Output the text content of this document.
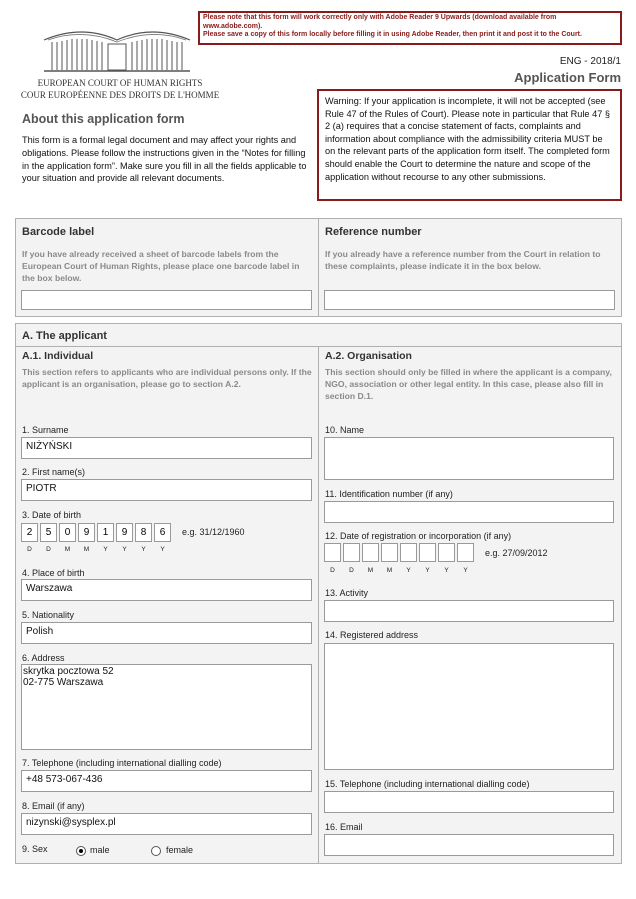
EUROPEAN COURT OF HUMAN RIGHTS
COUR EUROPÉENNE DES DROITS DE L'HOMME
Please note that this form will work correctly only with Adobe Reader 9 Upwards (download available from www.adobe.com).
Please save a copy of this form locally before filling it in using Adobe Reader, then print it and post it to the Court.
ENG - 2018/1
Application Form
About this application form
This form is a formal legal document and may affect your rights and obligations. Please follow the instructions given in the “Notes for filling in the application form”. Make sure you fill in all the fields applicable to your situation and provide all relevant documents.
Warning: If your application is incomplete, it will not be accepted (see Rule 47 of the Rules of Court). Please note in particular that Rule 47 § 2 (a) requires that a concise statement of facts, complaints and information about compliance with the admissibility criteria MUST be on the relevant parts of the application form itself. The completed form should enable the Court to determine the nature and scope of the application without recourse to any other submissions.
Barcode label
If you have already received a sheet of barcode labels from the European Court of Human Rights, please place one barcode label in the box below.
Reference number
If you already have a reference number from the Court in relation to these complaints, please indicate it in the box below.
A. The applicant
A.1. Individual
This section refers to applicants who are individual persons only. If the applicant is an organisation, please go to section A.2.
1. Surname
NIŻYŃSKI
2. First name(s)
PIOTR
3. Date of birth
2	5	0	9	1	9	8	6
D	D	M	M	Y	Y	Y	Y
e.g. 31/12/1960
4. Place of birth
Warszawa
5. Nationality
Polish
6. Address
skrytka pocztowa 52
02-775 Warszawa
7. Telephone (including international dialling code)
+48 573-067-436
8. Email (if any)
nizynski@sysplex.pl
9. Sex	male	female
A.2. Organisation
This section should only be filled in where the applicant is a company, NGO, association or other legal entity. In this case, please also fill in section D.1.
10. Name
11. Identification number (if any)
12. Date of registration or incorporation (if any)
D	D	M	M	Y	Y	Y	Y
e.g. 27/09/2012
13. Activity
14. Registered address
15. Telephone (including international dialling code)
16. Email
